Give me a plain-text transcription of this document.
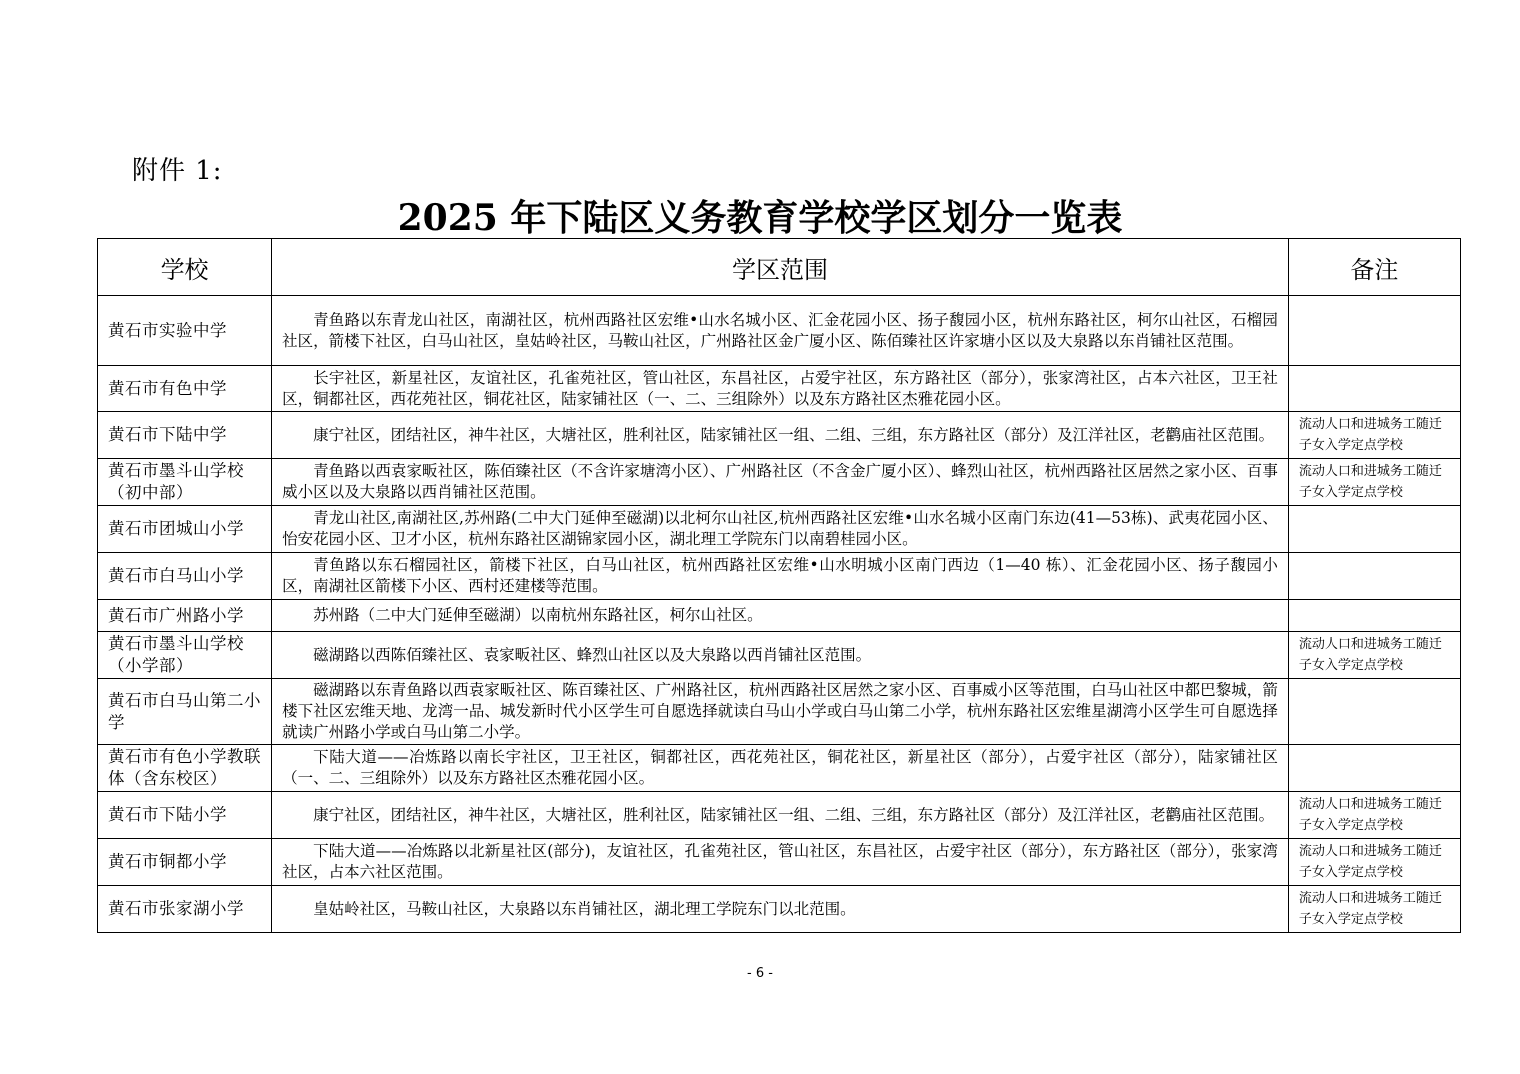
附件 1:
2025 年下陆区义务教育学校学区划分一览表
学校	学区范围	备注
黄石市实验中学	青鱼路以东青龙山社区，南湖社区，杭州西路社区宏维•山水名城小区、汇金花园小区、扬子馥园小区，杭州东路社区，柯尔山社区，石榴园社区，箭楼下社区，白马山社区，皇姑岭社区，马鞍山社区，广州路社区金广厦小区、陈佰臻社区许家塘小区以及大泉路以东肖铺社区范围。	
黄石市有色中学	长宇社区，新星社区，友谊社区，孔雀苑社区，管山社区，东昌社区，占爱宇社区，东方路社区（部分），张家湾社区，占本六社区，卫王社区，铜都社区，西花苑社区，铜花社区，陆家铺社区（一、二、三组除外）以及东方路社区杰雅花园小区。	
黄石市下陆中学	康宁社区，团结社区，神牛社区，大塘社区，胜利社区，陆家铺社区一组、二组、三组，东方路社区（部分）及江洋社区，老鹳庙社区范围。	流动人口和进城务工随迁子女入学定点学校
黄石市墨斗山学校（初中部）	青鱼路以西袁家畈社区，陈佰臻社区（不含许家塘湾小区）、广州路社区（不含金广厦小区）、蜂烈山社区，杭州西路社区居然之家小区、百事威小区以及大泉路以西肖铺社区范围。	流动人口和进城务工随迁子女入学定点学校
黄石市团城山小学	青龙山社区,南湖社区,苏州路(二中大门延伸至磁湖)以北柯尔山社区,杭州西路社区宏维•山水名城小区南门东边(41—53栋)、武夷花园小区、怡安花园小区、卫才小区，杭州东路社区湖锦家园小区，湖北理工学院东门以南碧桂园小区。	
黄石市白马山小学	青鱼路以东石榴园社区，箭楼下社区，白马山社区，杭州西路社区宏维•山水明城小区南门西边（1—40 栋）、汇金花园小区、扬子馥园小区，南湖社区箭楼下小区、西村还建楼等范围。	
黄石市广州路小学	苏州路（二中大门延伸至磁湖）以南杭州东路社区，柯尔山社区。	
黄石市墨斗山学校（小学部）	磁湖路以西陈佰臻社区、袁家畈社区、蜂烈山社区以及大泉路以西肖铺社区范围。	流动人口和进城务工随迁子女入学定点学校
黄石市白马山第二小学	磁湖路以东青鱼路以西袁家畈社区、陈百臻社区、广州路社区，杭州西路社区居然之家小区、百事威小区等范围，白马山社区中都巴黎城，箭楼下社区宏维天地、龙湾一品、城发新时代小区学生可自愿选择就读白马山小学或白马山第二小学，杭州东路社区宏维星湖湾小区学生可自愿选择就读广州路小学或白马山第二小学。	
黄石市有色小学教联体（含东校区）	下陆大道——冶炼路以南长宇社区，卫王社区，铜都社区，西花苑社区，铜花社区，新星社区（部分），占爱宇社区（部分），陆家铺社区（一、二、三组除外）以及东方路社区杰雅花园小区。	
黄石市下陆小学	康宁社区，团结社区，神牛社区，大塘社区，胜利社区，陆家铺社区一组、二组、三组，东方路社区（部分）及江洋社区，老鹳庙社区范围。	流动人口和进城务工随迁子女入学定点学校
黄石市铜都小学	下陆大道——冶炼路以北新星社区(部分)，友谊社区，孔雀苑社区，管山社区，东昌社区，占爱宇社区（部分），东方路社区（部分），张家湾社区，占本六社区范围。	流动人口和进城务工随迁子女入学定点学校
黄石市张家湖小学	皇姑岭社区，马鞍山社区，大泉路以东肖铺社区，湖北理工学院东门以北范围。	流动人口和进城务工随迁子女入学定点学校
- 6 -
